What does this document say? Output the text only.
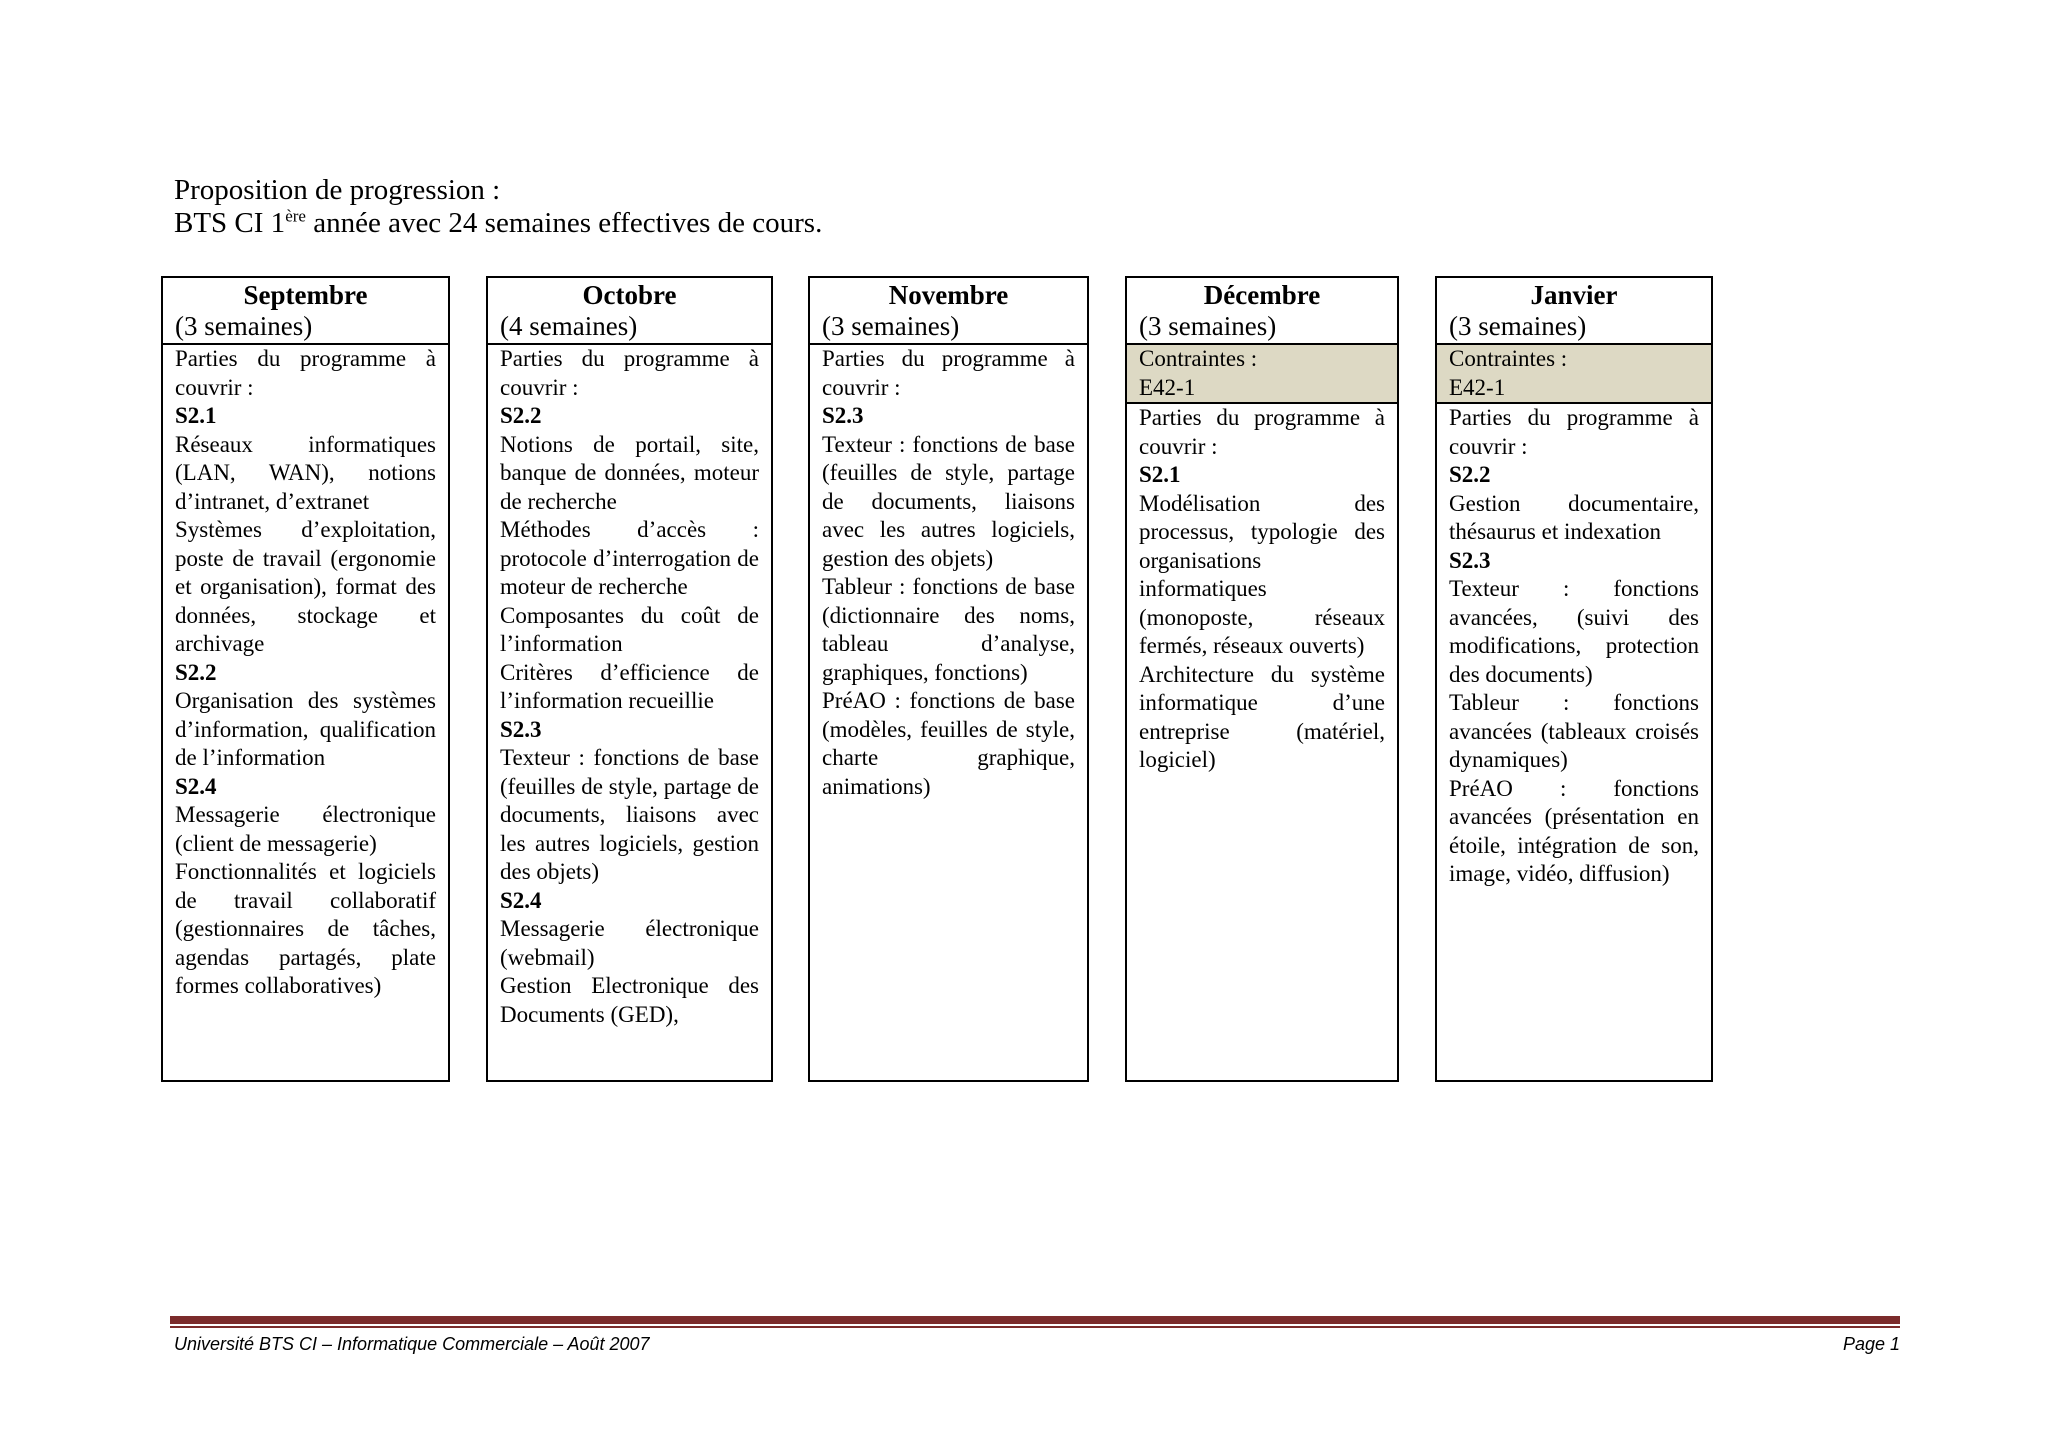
Proposition de progression :
BTS CI 1ère année avec 24 semaines effectives de cours.
Septembre
(3 semaines)
Parties du programme à couvrir :
S2.1
Réseaux informatiques (LAN, WAN), notions d’intranet, d’extranet
Systèmes d’exploitation, poste de travail (ergonomie et organisation), format des données, stockage et archivage
S2.2
Organisation des systèmes d’information, qualification de l’information
S2.4
Messagerie électronique (client de messagerie)
Fonctionnalités et logiciels de travail collaboratif (gestionnaires de tâches, agendas partagés, plate formes collaboratives)
Octobre
(4 semaines)
Parties du programme à couvrir :
S2.2
Notions de portail, site, banque de données, moteur de recherche
Méthodes d’accès : protocole d’interrogation de moteur de recherche
Composantes du coût de l’information
Critères d’efficience de l’information recueillie
S2.3
Texteur : fonctions de base (feuilles de style, partage de documents, liaisons avec les autres logiciels, gestion des objets)
S2.4
Messagerie électronique (webmail)
Gestion Electronique des Documents (GED),
Novembre
(3 semaines)
Parties du programme à couvrir :
S2.3
Texteur : fonctions de base (feuilles de style, partage de documents, liaisons avec les autres logiciels, gestion des objets)
Tableur : fonctions de base (dictionnaire des noms, tableau d’analyse, graphiques, fonctions)
PréAO : fonctions de base (modèles, feuilles de style, charte graphique, animations)
Décembre
(3 semaines)
Contraintes :
E42-1
Parties du programme à couvrir :
S2.1
Modélisation des processus, typologie des organisations informatiques (monoposte, réseaux fermés, réseaux ouverts)
Architecture du système informatique d’une entreprise (matériel, logiciel)
Janvier
(3 semaines)
Contraintes :
E42-1
Parties du programme à couvrir :
S2.2
Gestion documentaire, thésaurus et indexation
S2.3
Texteur : fonctions avancées, (suivi des modifications, protection des documents)
Tableur : fonctions avancées (tableaux croisés dynamiques)
PréAO : fonctions avancées (présentation en étoile, intégration de son, image, vidéo, diffusion)
Université BTS CI – Informatique Commerciale – Août 2007	Page 1
